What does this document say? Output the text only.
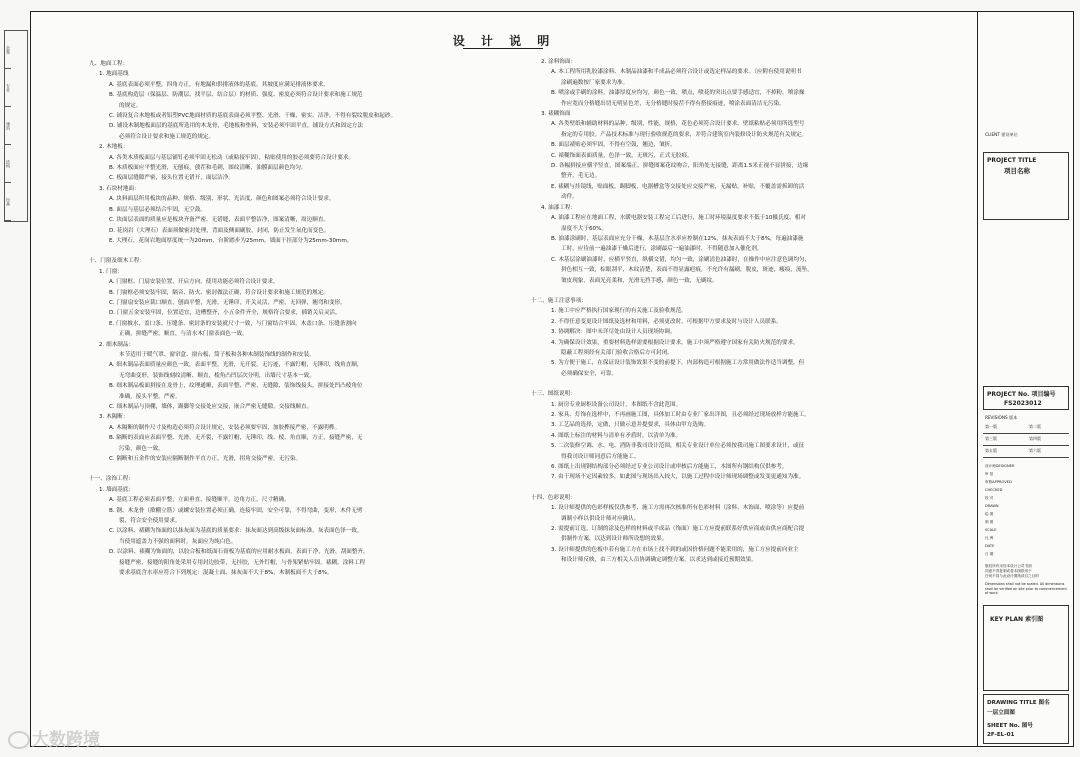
设 计 说 明
九、地面工程：
1. 地面基线
A. 基底表面必须平整，四角方正，有地漏和供排液体的基底，其坡度应满足排液体要求。
B. 基底构造层（保温层、防潮层、找平层、结合层）的材质、强度、密度必须符合设计要求和施工规范
的规定。
C. 铺设复合木地板或者铝塑PVC地面材质的基底表面必须平整、光滑、干燥、密实、洁净，不得有裂纹脱皮和起砂。
D. 铺设木制地板面层的基底所选用的木龙骨，毛地板和垫料，安装必须牢固平直，铺设方式和固定方法
必须符合设计要求和施工规范的规定。
2. 木地板：
A. 各类木质板面层与基层铺钉必须牢固无松动（或粘接牢固），粘贴使用的胶必须要符合设计要求。
B. 木质板面应平整光滑，无刨痕，戗茬和毛刺，图纹清晰，油膜面层颜色均匀。
C. 板面层缝隙严密，接头位置无错开，面层洁净。
3. 石块材地面：
A. 块料面层所用板块的品种、规格、级别、形状、光洁度、颜色和图案必须符合设计要求。
B. 面层与基层必须结合牢固，无空鼓。
C. 块面层表面的质量应是板块齐备严密、无错缝、表面平整洁净，图案清晰，周边顺直。
D. 花岗岩（大理石）表面须做密封处理，背面及侧面刷胶，封闭，防止发生氧化而变色。
E. 大理石、花岗岩地面厚度统一为20mm，台阶踏步为25mm，墙面干挂部分为25mm-30mm。
十、门窗及细木工程：
1. 门窗：
A. 门窗框、门扇安装位置，开启方向，使用功能必须符合设计要求。
B. 门窗框必须安装牢固，隔音、防火、密封做法正确，符合设计要求和施工规范的规定。
C. 门窗扇安装应裁口顺直，刨面平整，光滑，无锤印，开关灵活，严密，无回弹，翘弯和变形。
D. 门窗五金安装牢固，位置适宜，边槽整齐，小五金件齐全，规格符合要求，插销关启灵活。
E. 门窗披水、盖口条、压缝条、密封条的安装就尺寸一致，与门窗结合牢固，木盖口条、压缝条割向
正确，拼缝严密，顺直，与清水木门窗表面色一致。
2. 细木制品：
本节适用于暖气罩、窗帘盒、窗台板、筒子板和各种木制装饰线的制作和安装。
A. 细木制品表面质量应颜色一致，表面平整，光滑，无开裂，无污迹，不露钉帽，无锤印，线角直顺，
无弯曲变形，装饰线刻纹清晰、顺直，棱角凸凹层次分明，出墙尺寸基本一致。
B. 细木制品板面拼接在龙骨上，纹理通顺，表面平整、严密，无缝隙，装饰线接头，拼接处凹凸棱角位
准确，接头平整，严密。
C. 细木制品与顶棚，墙体，踢脚等交接处应交接，嵌合严密无缝隙，交接线顺直。
3. 木隔断：
A. 木隔断的制作尺寸及构造必须符合设计规定，安装必须要牢固，加胶榫接严密，不露明榫。
B. 隔断的表面应表面平整、光滑，无开裂，不露钉帽，无锤印，线、棱、角直顺，方正，接缝严密，无
污染，颜色一致。
C. 隔断和五金件的安装应隔断制作平直方正，光滑，拐角交接严密，无污染。
十一、涂饰工程：
1. 墙面基底：
A. 基底工程必须表面平整，立面垂直，接缝顺平，边角方正，尺寸精确。
B. 钢、木龙骨（揿棚立筋）或螺安装位置必须正确，连接牢固，安全可靠，不得弯曲，变形，木件无劈
裂，符合安全使用要求。
C. 以涂料、裱糊为饰面的以抹灰面为基底的质量要求：抹灰面达到高级抹灰面标准。灰表面色泽一致，
当使用遮盖力不强的面料时，灰面应为纯白色。
D. 以涂料、裱糊为饰面的，以胶合板和纸面石膏板为基底的应用耐水板面，表面干净，光滑，刮面整齐，
接缝严密，接缝的阳角处采用专用封边胶带，无挂胶，无外钉帽，与骨架紧贴牢固。裱糊、涂料工程
要求基底含水率应符合下列规定：混凝土面、抹灰面不大于8%，木制板面不大于8%。
2. 涂料饰面：
A. 本工程所用乳胶漆涂料、木制品油漆和半成品必须符合设计或选定样品的要求。（应附有使用说明书
涂刷遍数按厂家要求为准。
B. 喷涂或手刷的涂料，油漆厚度应均匀，颜色一致，喷点，喷花的突出点要手感适宜，不掉粉。喷涂操
作应宽而分格缝出切无明显色差，无分格缝时接茬不得有搭接痕迹，喷涂表面清洁无污染。
3. 裱糊饰面
A. 各类壁纸和辅助材料的品种，级别，性能，规格，花色必须符合设计要求，壁纸粘贴必须用所选型号
指定的专用胶。产品技术标准与现行验收规范的要求，并符合建筑室内装修设计防火规范有关规定。
B. 面层裱贴必须牢固，不得有空鼓，翘边，皱折。
C. 裱糊饰面表面质量，色泽一致，无斑污，正式无胶痕。
D. 各幅拼接应横平竖直，图案端正，拼缝图案花纹吻合，阳角处无接缝，距离1.5米正视不显拼接，边缘
整齐，毛无边。
E. 裱糊与挂镜线，贴面板，踢脚板，电器槽盒等交接处应交接严密，无漏贴，补贴，不覆盖需拆卸的活
动件。
4. 油漆工程：
A. 油漆工程应在地面工程，水暖电器安装工程完工后进行，施工时环境温度要求不低于10摄氏度，相对
湿度不大于60%。
B. 油漆涂刷时，基层表面应充分干燥，木基层含水率应控制在12%，抹灰表面不大于8%，每遍油漆施
工时，应待前一遍油漆干燥后进行，涂刷最后一遍油漆时，不得随意加入催化剂。
C. 木基层涂刷油漆时，应横平竖直，纵横交错，均匀一致，涂刷清色油漆时，在操作中应注意色调均匀，
拼色相互一致，棕眼刮平，木纹清楚，表面不得显露疤痕，不允许有漏刷，脱皮，斑迹，瘢痕，流坠，
皱皮现象，表面光亮柔和，光滑无挡手感，颜色一致，无刷纹。
十二、施工注意事项：
1. 施工中应严格执行国家现行的有关施工及验收规范。
2. 不得任意变更设计图纸及选材和用料，必须更改时，可根据甲方要求及时与设计人员联系。
3. 协调解决：图中未详尽处由设计人员现场协调。
4. 为确保设计效果，重要材料选样需要根据设计要求，施工中须严格遵守国家有关防火规范的要求。
隐蔽工程须经有关部门验收合格后方可封闭。
5. 为方便于施工，在保证设计装饰效果不变的前提下，内部构造可根据施工方常用做法作适当调整，但
必须确保安全，可靠。
十三、图纸说明：
1. 厨房专业厨柜设备公司设计，本图纸不含此范围。
2. 家具、灯饰在选样中，不再画施工图，具体加工时由专业厂家出详图，且必须经过现场放样方能施工。
3. 工艺品的选择，定做，只做示意并提要求，具体由甲方选购。
4. 图纸上标注的材料与清单有矛盾时，以清单为准。
5. 二次装修空调、水、电、消防非我司设计范围，相关专业设计单位必须按我司施工图要求设计，或征
得我司设计师同意后方能施工。
6. 图纸上出现钢结构部分必须经过专业公司设计或审核后方能施工，本图所有钢结构仅供参考。
7. 由于现场不定因素较多，如此图与现场出入较大，以施工过程中设计师现场调整或发变更通知为准。
十四、色彩说明：
1. 设计师提供的色彩样板仅供参考，施工方需再次核准所有色彩材料（涂料、木饰面、喷涂等）应提前
调制小样以供设计师对应确认。
2. 需提前订选，订制的涂及色样的材料或半成品（饰面）施工方应提前联系好供应商或由供应商配合提
供制作方案，以达到设计师所设想的效果。
3. 设计师提供的色板中若有施工方在市场上找不到的或因价格问题不能采用的，施工方应提前向业主
和设计师反映，由三方相关人员协调确定调整方案，以求达到或接近预期效果。
CLIENT 建设单位
PROJECT TITLE
项目名称
PROJECT No. 项目编号
FS2023012
REVISIONS 版本
第一版	第二版
第三版	第四版
第五版	第六版
设计师DESIGNER
审 批
审核APPROVED
CHECKED
校 对
DRAWN
绘 图
制 图
SCALE
比 例
DATE
日 期
版权所有未经本设计公司书面
同意不得复制或将本图纸用于
任何不同与此设计图纸项目之目的
Dimensions shall not be scaled. All dimensions shall be verified on site prior to commencement of work.
KEY PLAN 索引图
DRAWING TITLE 图名
一层立面图
SHEET No. 图号
2F-EL-01
会签
专业
建筑
结构
设备
大数跨境
